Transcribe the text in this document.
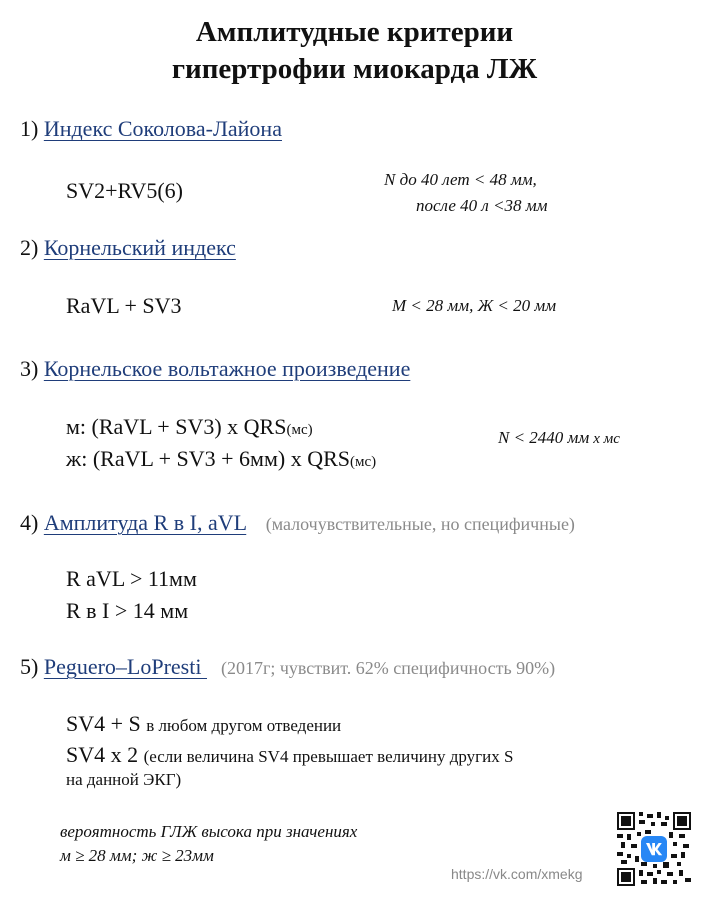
Амплитудные критерии
гипертрофии миокарда ЛЖ
1) Индекс Соколова-Лайона
SV2+RV5(6)	N до 40 лет < 48 мм,
после 40 л <38 мм
2) Корнельский индекс
RaVL + SV3	М < 28 мм, Ж < 20 мм
3) Корнельское вольтажное произведение
м: (RaVL + SV3) х QRS(мс)
ж: (RaVL + SV3 + 6мм) х QRS(мс)
N < 2440 мм х мс
4) Амплитуда R в I, aVL (малочувствительные, но специфичные)
R aVL > 11мм
R в I > 14 мм
5) Peguero–LoPresti (2017г; чувствит. 62% специфичность 90%)
SV4 + S в любом другом отведении
SV4 х 2 (если величина SV4 превышает величину других S
на данной ЭКГ)
вероятность ГЛЖ высока при значениях
м ≥ 28 мм; ж ≥ 23мм
https://vk.com/xmekg
